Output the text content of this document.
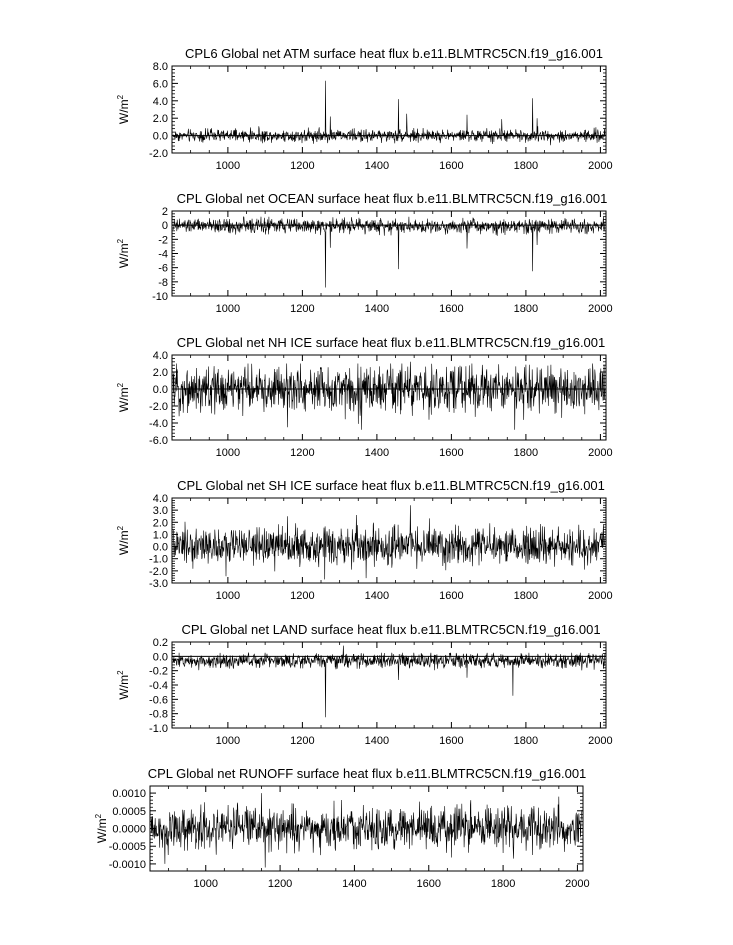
CPL6 Global net ATM surface heat flux b.e11.BLMTRC5CN.f19_g16.001
$W/m^2$
1000	1200	1400	1600	1800	2000
-2.0
0.0
2.0
4.0
6.0
8.0
CPL Global net OCEAN surface heat flux b.e11.BLMTRC5CN.f19_g16.001
$W/m^2$
1000	1200	1400	1600	1800	2000
-10
-8
-6
-4
-2
0
2
CPL Global net NH ICE surface heat flux b.e11.BLMTRC5CN.f19_g16.001
$W/m^2$
1000	1200	1400	1600	1800	2000
-6.0
-4.0
-2.0
0.0
2.0
4.0
CPL Global net SH ICE surface heat flux b.e11.BLMTRC5CN.f19_g16.001
$W/m^2$
1000	1200	1400	1600	1800	2000
-3.0
-2.0
-1.0
0.0
1.0
2.0
3.0
4.0
CPL Global net LAND surface heat flux b.e11.BLMTRC5CN.f19_g16.001
$W/m^2$
1000	1200	1400	1600	1800	2000
-1.0
-0.8
-0.6
-0.4
-0.2
0.0
0.2
CPL Global net RUNOFF surface heat flux b.e11.BLMTRC5CN.f19_g16.001
$W/m^2$
1000	1200	1400	1600	1800	2000
-0.0010
-0.0005
0.0000
0.0005
0.0010
